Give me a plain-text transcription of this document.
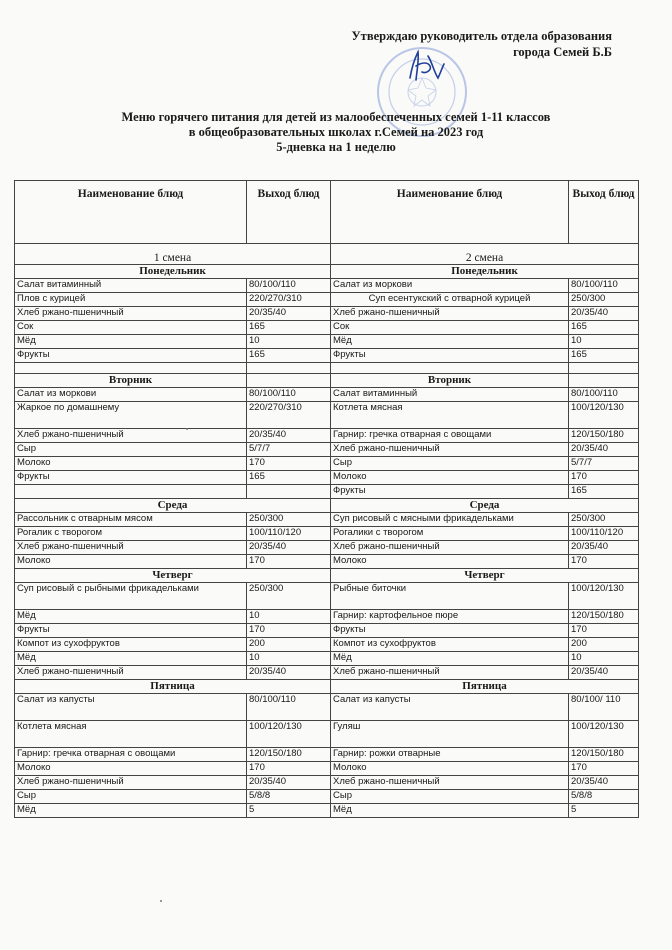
Утверждаю руководитель отдела образования
города Семей Б.Б
Меню горячего питания для детей из малообеспеченных семей 1-11 классов
в общеобразовательных школах г.Семей на 2023 год
5-дневка на 1 неделю
Наименование блюд	Выход блюд	Наименование блюд	Выход блюд
1 смена		2 смена	
Понедельник		Понедельник	
Салат витаминный	80/100/110	Салат из моркови	80/100/110
Плов с курицей	220/270/310	Суп есентукский с отварной курицей	250/300
Хлеб ржано-пшеничный	20/35/40	Хлеб ржано-пшеничный	20/35/40
Сок	165	Сок	165
Мёд	10	Мёд	10
Фрукты	165	Фрукты	165

Вторник		Вторник	
Салат из моркови	80/100/110	Салат витаминный	80/100/110
Жаркое по домашнему	220/270/310	Котлета мясная	100/120/130
Хлеб ржано-пшеничный	20/35/40	Гарнир: гречка отварная с овощами	120/150/180
Сыр	5/7/7	Хлеб ржано-пшеничный	20/35/40
Молоко	170	Сыр	5/7/7
Фрукты	165	Молоко	170
		Фрукты	165
Среда		Среда	
Рассольник с отварным мясом	250/300	Суп рисовый с мясными фрикадельками	250/300
Рогалик с творогом	100/110/120	Рогалики с творогом	100/110/120
Хлеб ржано-пшеничный	20/35/40	Хлеб ржано-пшеничный	20/35/40
Молоко	170	Молоко	170
Четверг		Четверг	
Суп рисовый с рыбными фрикадельками	250/300	Рыбные биточки	100/120/130
Мёд	10	Гарнир: картофельное пюре	120/150/180
Фрукты	170	Фрукты	170
Компот из сухофруктов	200	Компот из сухофруктов	200
Мёд	10	Мёд	10
Хлеб ржано-пшеничный	20/35/40	Хлеб ржано-пшеничный	20/35/40
Пятница		Пятница	
Салат из капусты	80/100/110	Салат из капусты	80/100/ 110
Котлета мясная	100/120/130	Гуляш	100/120/130
Гарнир: гречка отварная с овощами	120/150/180	Гарнир: рожки отварные	120/150/180
Молоко	170	Молоко	170
Хлеб ржано-пшеничный	20/35/40	Хлеб ржано-пшеничный	20/35/40
Сыр	5/8/8	Сыр	5/8/8
Мёд	5	Мёд	5
